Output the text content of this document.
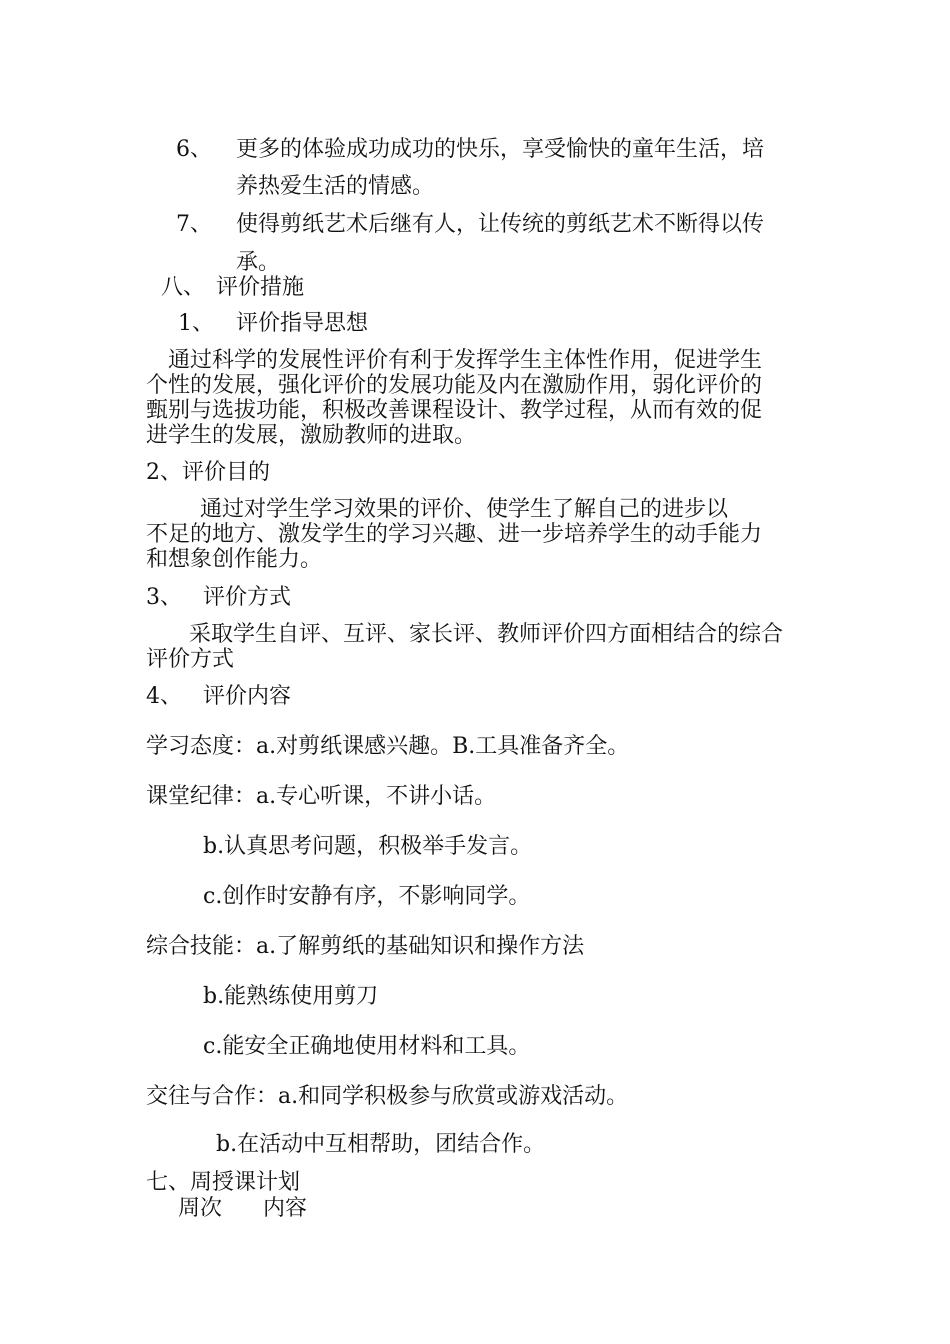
6、 更多的体验成功成功的快乐，享受愉快的童年生活，培
养热爱生活的情感。
7、 使得剪纸艺术后继有人，让传统的剪纸艺术不断得以传
承。
八、 评价措施
1、 评价指导思想
通过科学的发展性评价有利于发挥学生主体性作用，促进学生
个性的发展，强化评价的发展功能及内在激励作用，弱化评价的
甄别与选拔功能，积极改善课程设计、教学过程，从而有效的促
进学生的发展，激励教师的进取。
2、评价目的
通过对学生学习效果的评价、使学生了解自己的进步以
不足的地方、激发学生的学习兴趣、进一步培养学生的动手能力
和想象创作能力。
3、 评价方式
采取学生自评、互评、家长评、教师评价四方面相结合的综合
评价方式
4、 评价内容
学习态度：a.对剪纸课感兴趣。B.工具准备齐全。
课堂纪律：a.专心听课，不讲小话。
b.认真思考问题，积极举手发言。
c.创作时安静有序，不影响同学。
综合技能：a.了解剪纸的基础知识和操作方法
b.能熟练使用剪刀
c.能安全正确地使用材料和工具。
交往与合作：a.和同学积极参与欣赏或游戏活动。
b.在活动中互相帮助，团结合作。
七、周授课计划
周次 内容
